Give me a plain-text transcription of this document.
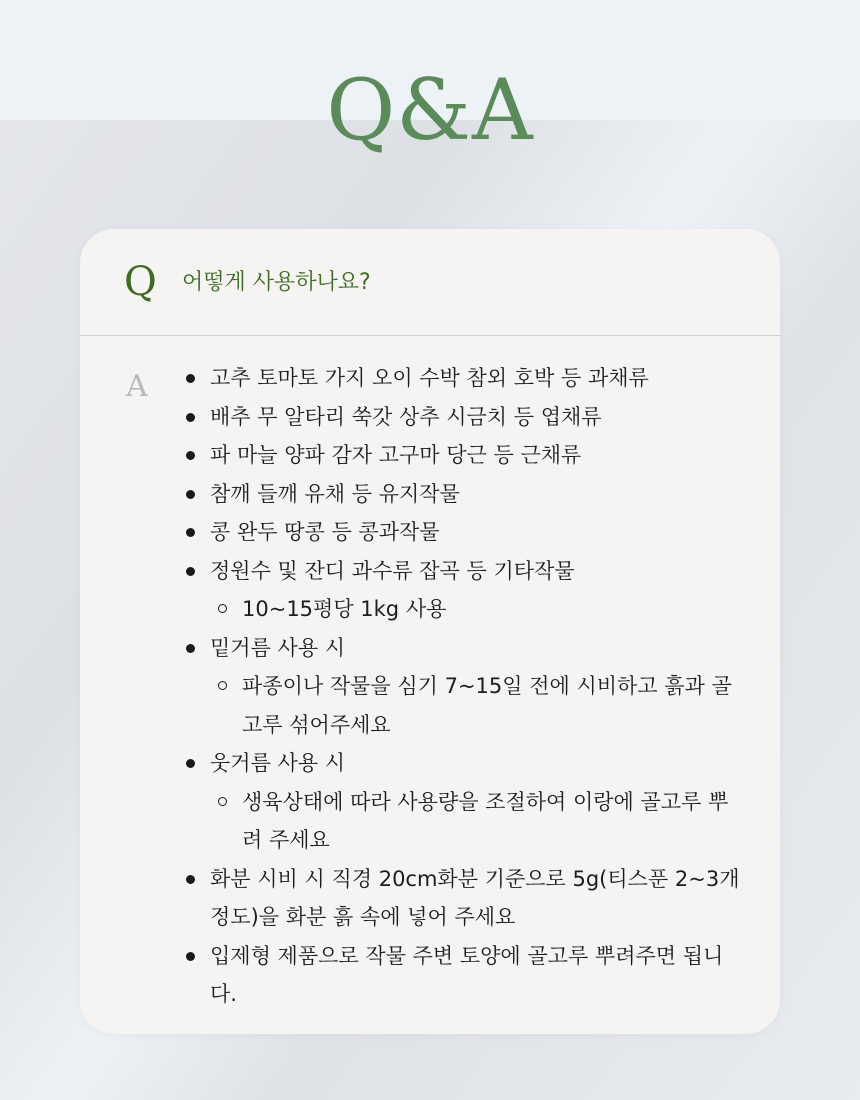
Q&A
Q 어떻게 사용하나요?
A	고추 토마토 가지 오이 수박 참외 호박 등 과채류
배추 무 알타리 쑥갓 상추 시금치 등 엽채류
파 마늘 양파 감자 고구마 당근 등 근채류
참깨 들깨 유채 등 유지작물
콩 완두 땅콩 등 콩과작물
정원수 및 잔디 과수류 잡곡 등 기타작물
10~15평당 1kg 사용
밑거름 사용 시
파종이나 작물을 심기 7~15일 전에 시비하고 흙과 골고루 섞어주세요
웃거름 사용 시
생육상태에 따라 사용량을 조절하여 이랑에 골고루 뿌려 주세요
화분 시비 시 직경 20cm화분 기준으로 5g(티스푼 2~3개 정도)을 화분 흙 속에 넣어 주세요
입제형 제품으로 작물 주변 토양에 골고루 뿌려주면 됩니다.
